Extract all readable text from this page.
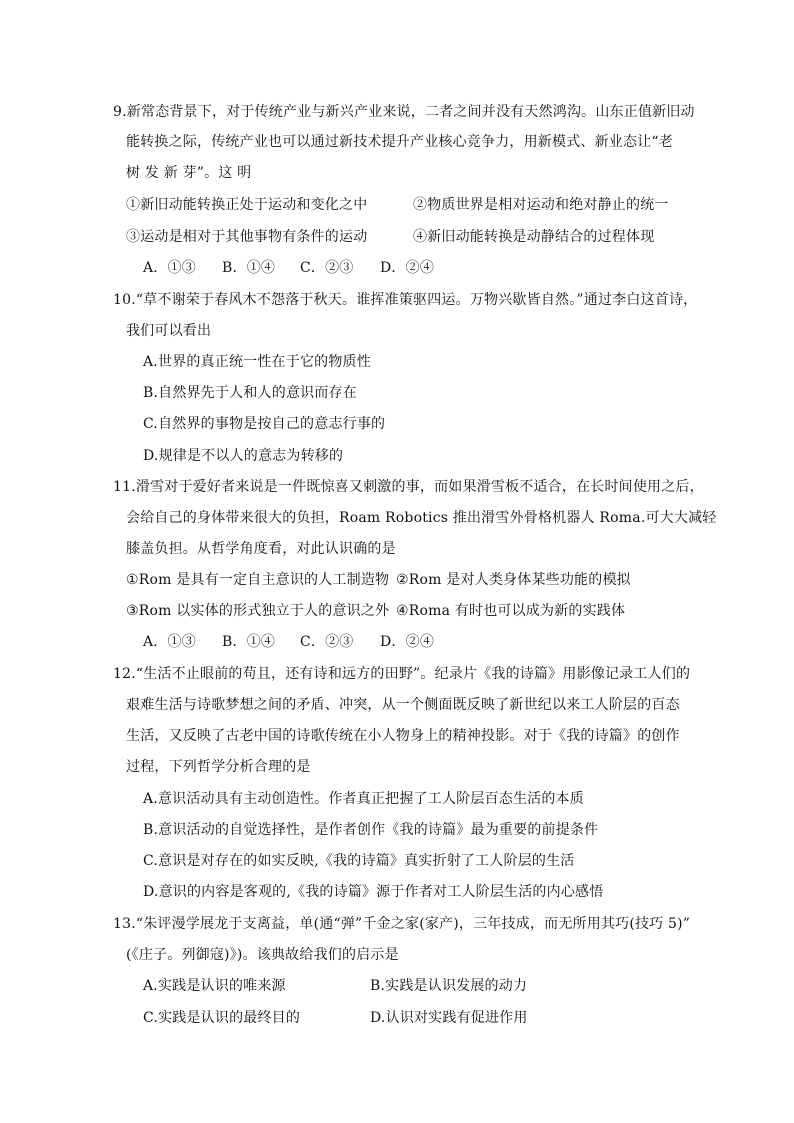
9.新常态背景下，对于传统产业与新兴产业来说，二者之间并没有天然鸿沟。山东正值新旧动
能转换之际，传统产业也可以通过新技术提升产业核心竞争力，用新模式、新业态让“老
树 发 新 芽”。这 明
①新旧动能转换正处于运动和变化之中	②物质世界是相对运动和绝对静止的统一
③运动是相对于其他事物有条件的运动	④新旧动能转换是动静结合的过程体现
A．①③ B．①④ C．②③ D．②④
10.“草不谢荣于春风木不怨落于秋天。谁挥准策驱四运。万物兴歇皆自然。”通过李白这首诗，
我们可以看出
A.世界的真正统一性在于它的物质性
B.自然界先于人和人的意识而存在
C.自然界的事物是按自己的意志行事的
D.规律是不以人的意志为转移的
11.滑雪对于爱好者来说是一件既惊喜又刺激的事，而如果滑雪板不适合，在长时间使用之后，
会给自己的身体带来很大的负担，Roam Robotics 推出滑雪外骨格机器人 Roma.可大大减轻
膝盖负担。从哲学角度看，对此认识确的是
①Rom 是具有一定自主意识的人工制造物 ②Rom 是对人类身体某些功能的模拟
③Rom 以实体的形式独立于人的意识之外 ④Roma 有时也可以成为新的实践体
A．①③ B．①④ C．②③ D．②④
12.“生活不止眼前的苟且，还有诗和远方的田野”。纪录片《我的诗篇》用影像记录工人们的
艰难生活与诗歌梦想之间的矛盾、冲突，从一个侧面既反映了新世纪以来工人阶层的百态
生活，又反映了古老中国的诗歌传统在小人物身上的精神投影。对于《我的诗篇》的创作
过程，下列哲学分析合理的是
A.意识活动具有主动创造性。作者真正把握了工人阶层百态生活的本质
B.意识活动的自觉选择性，是作者创作《我的诗篇》最为重要的前提条件
C.意识是对存在的如实反映,《我的诗篇》真实折射了工人阶层的生活
D.意识的内容是客观的,《我的诗篇》源于作者对工人阶层生活的内心感悟
13.“朱评漫学展龙于支离益，单(通“弹”千金之家(家产)，三年技成，而无所用其巧(技巧 5)”
(《庄子。列御寇)》)。该典故给我们的启示是
A.实践是认识的唯来源	B.实践是认识发展的动力
C.实践是认识的最终目的	D.认识对实践有促进作用
